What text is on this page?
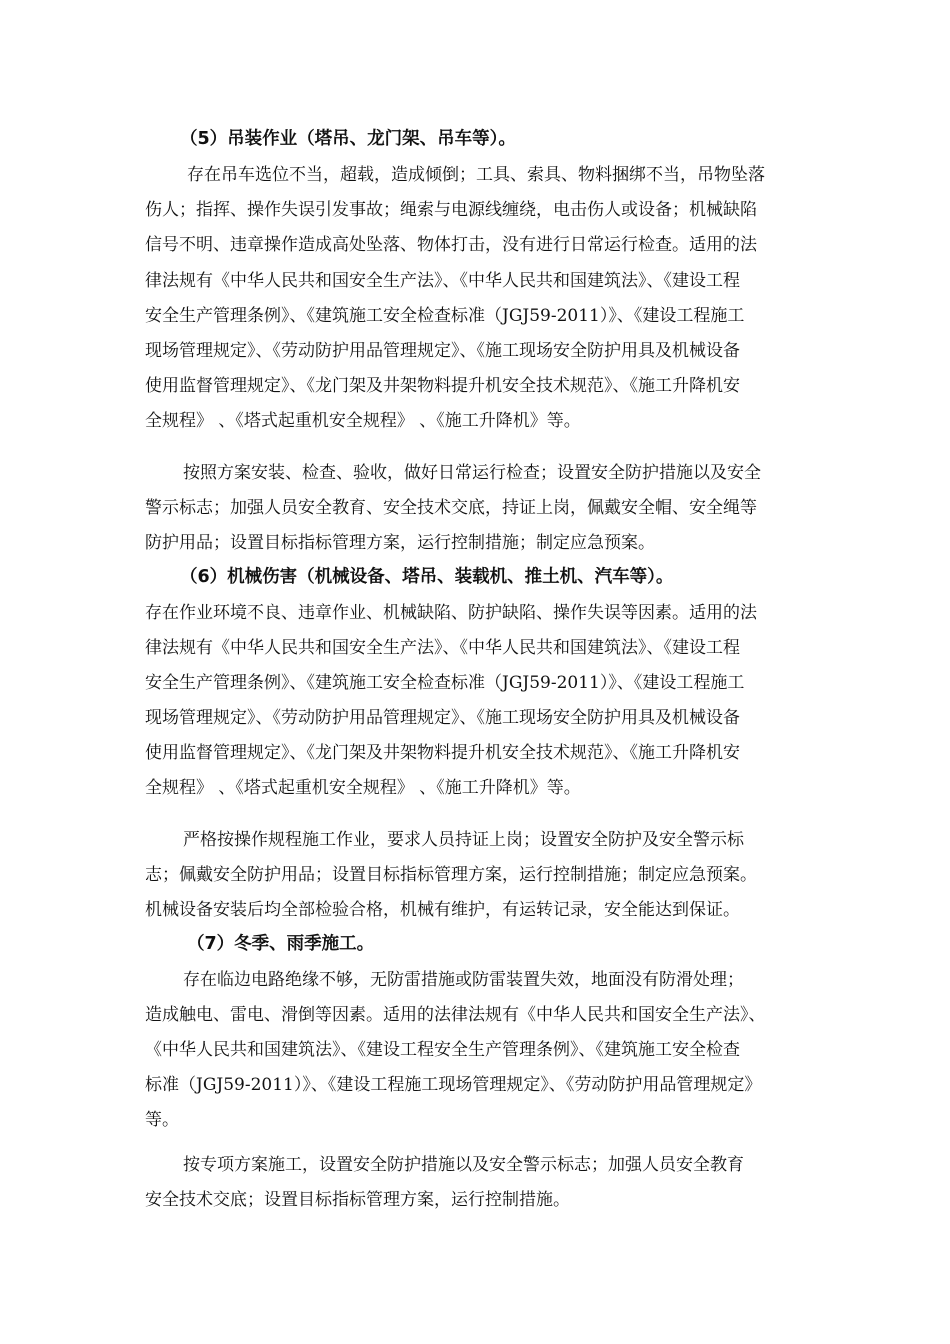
（5）吊装作业（塔吊、龙门架、吊车等）。
存在吊车选位不当，超载，造成倾倒；工具、索具、物料捆绑不当，吊物坠落
伤人；指挥、操作失误引发事故；绳索与电源线缠绕，电击伤人或设备；机械缺陷
信号不明、违章操作造成高处坠落、物体打击，没有进行日常运行检查。适用的法
律法规有《中华人民共和国安全生产法》、《中华人民共和国建筑法》、《建设工程
安全生产管理条例》、《建筑施工安全检查标准（JGJ59-2011）》、《建设工程施工
现场管理规定》、《劳动防护用品管理规定》、《施工现场安全防护用具及机械设备
使用监督管理规定》、《龙门架及井架物料提升机安全技术规范》、《施工升降机安
全规程》 、《塔式起重机安全规程》 、《施工升降机》等。
按照方案安装、检查、验收，做好日常运行检查；设置安全防护措施以及安全
警示标志；加强人员安全教育、安全技术交底，持证上岗，佩戴安全帽、安全绳等
防护用品；设置目标指标管理方案，运行控制措施；制定应急预案。
（6）机械伤害（机械设备、塔吊、装载机、推土机、汽车等）。
存在作业环境不良、违章作业、机械缺陷、防护缺陷、操作失误等因素。适用的法
律法规有《中华人民共和国安全生产法》、《中华人民共和国建筑法》、《建设工程
安全生产管理条例》、《建筑施工安全检查标准（JGJ59-2011）》、《建设工程施工
现场管理规定》、《劳动防护用品管理规定》、《施工现场安全防护用具及机械设备
使用监督管理规定》、《龙门架及井架物料提升机安全技术规范》、《施工升降机安
全规程》 、《塔式起重机安全规程》 、《施工升降机》等。
严格按操作规程施工作业，要求人员持证上岗；设置安全防护及安全警示标
志；佩戴安全防护用品；设置目标指标管理方案，运行控制措施；制定应急预案。
机械设备安装后均全部检验合格，机械有维护，有运转记录，安全能达到保证。
（7）冬季、雨季施工。
存在临边电路绝缘不够，无防雷措施或防雷装置失效，地面没有防滑处理；
造成触电、雷电、滑倒等因素。适用的法律法规有《中华人民共和国安全生产法》、
《中华人民共和国建筑法》、《建设工程安全生产管理条例》、《建筑施工安全检查
标准（JGJ59-2011）》、《建设工程施工现场管理规定》、《劳动防护用品管理规定》
等。
按专项方案施工，设置安全防护措施以及安全警示标志；加强人员安全教育
安全技术交底；设置目标指标管理方案，运行控制措施。
